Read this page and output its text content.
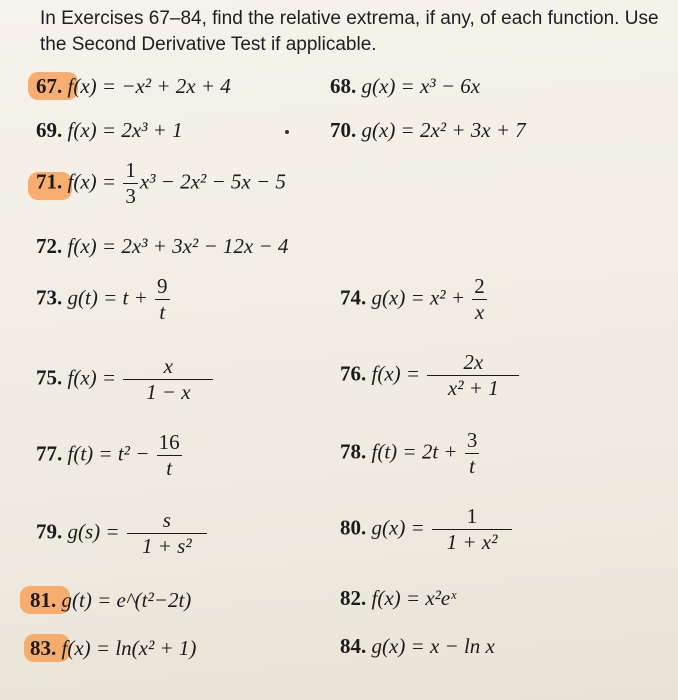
In Exercises 67–84, find the relative extrema, if any, of each function. Use the Second Derivative Test if applicable.
67. f(x) = −x² + 2x + 4	68. g(x) = x³ − 6x
69. f(x) = 2x³ + 1	70. g(x) = 2x² + 3x + 7
71. $f(x) = \frac{1}{3} x^3 - 2x^2 - 5x - 5$
72. f(x) = 2x³ + 3x² − 12x − 4
73. $g(t) = t + \frac{9}{t}$	74. $g(x) = x^2 + \frac{2}{x}$
75. $f(x) = \frac{x}{1 - x}$	76. $f(x) = \frac{2x}{\text{x² + 1}}$
77. $f(t) = t^2 - \frac{16}{t}$	78. $f(t) = 2t + \frac{3}{t}$
79. $g(s) = \frac{s}{\text{1 + s²}}$	80. $g(x) = \frac{1}{\text{1 + x²}}$
81. g(t) = e^(t²−2t)	82. f(x) = x²eˣ
83. f(x) = ln(x² + 1)	84. g(x) = x − ln x
